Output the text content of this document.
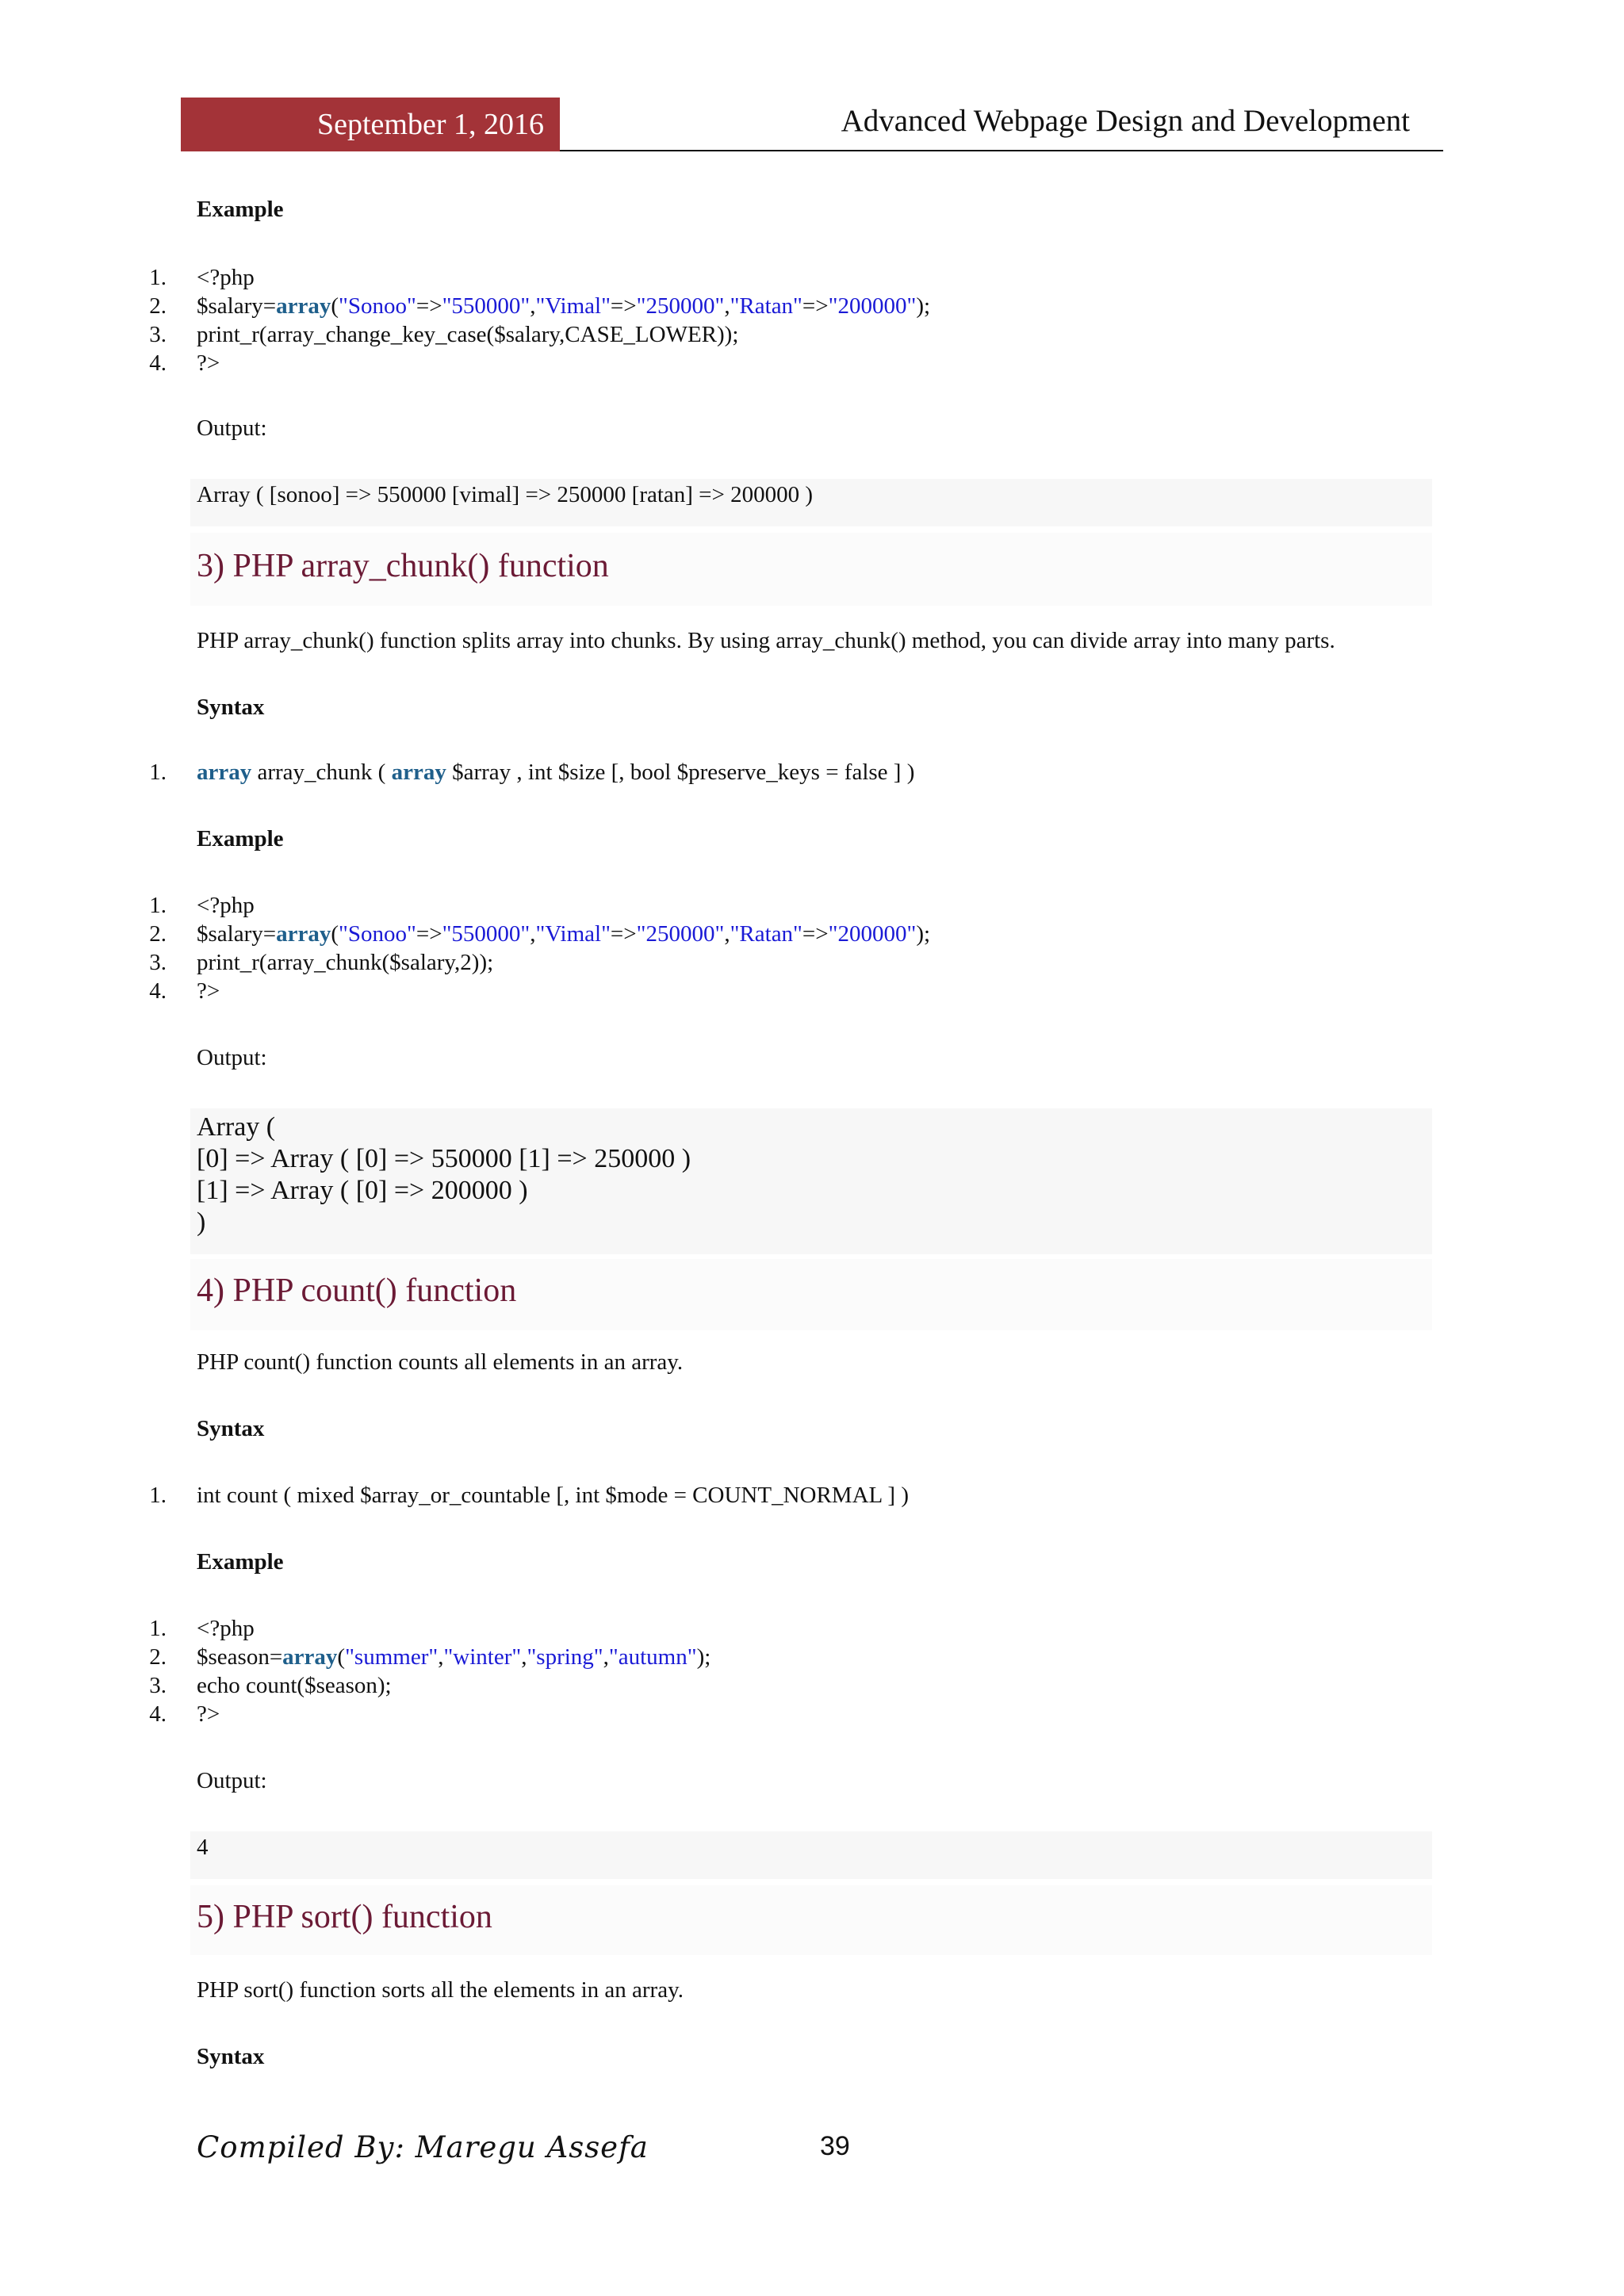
September 1, 2016	Advanced Webpage Design and Development
Example
1. <?php
2. $salary=array("Sonoo"=>"550000","Vimal"=>"250000","Ratan"=>"200000");
3. print_r(array_change_key_case($salary,CASE_LOWER));
4. ?>
Output:
Array ( [sonoo] => 550000 [vimal] => 250000 [ratan] => 200000 )
3) PHP array_chunk() function
PHP array_chunk() function splits array into chunks. By using array_chunk() method, you can divide array into many parts.
Syntax
1. array array_chunk ( array $array , int $size [, bool $preserve_keys = false ] )
Example
1. <?php
2. $salary=array("Sonoo"=>"550000","Vimal"=>"250000","Ratan"=>"200000");
3. print_r(array_chunk($salary,2));
4. ?>
Output:
Array (
[0] => Array ( [0] => 550000 [1] => 250000 )
[1] => Array ( [0] => 200000 )
)
4) PHP count() function
PHP count() function counts all elements in an array.
Syntax
1. int count ( mixed $array_or_countable [, int $mode = COUNT_NORMAL ] )
Example
1. <?php
2. $season=array("summer","winter","spring","autumn");
3. echo count($season);
4. ?>
Output:
4
5) PHP sort() function
PHP sort() function sorts all the elements in an array.
Syntax
Compiled By: Maregu Assefa	39
